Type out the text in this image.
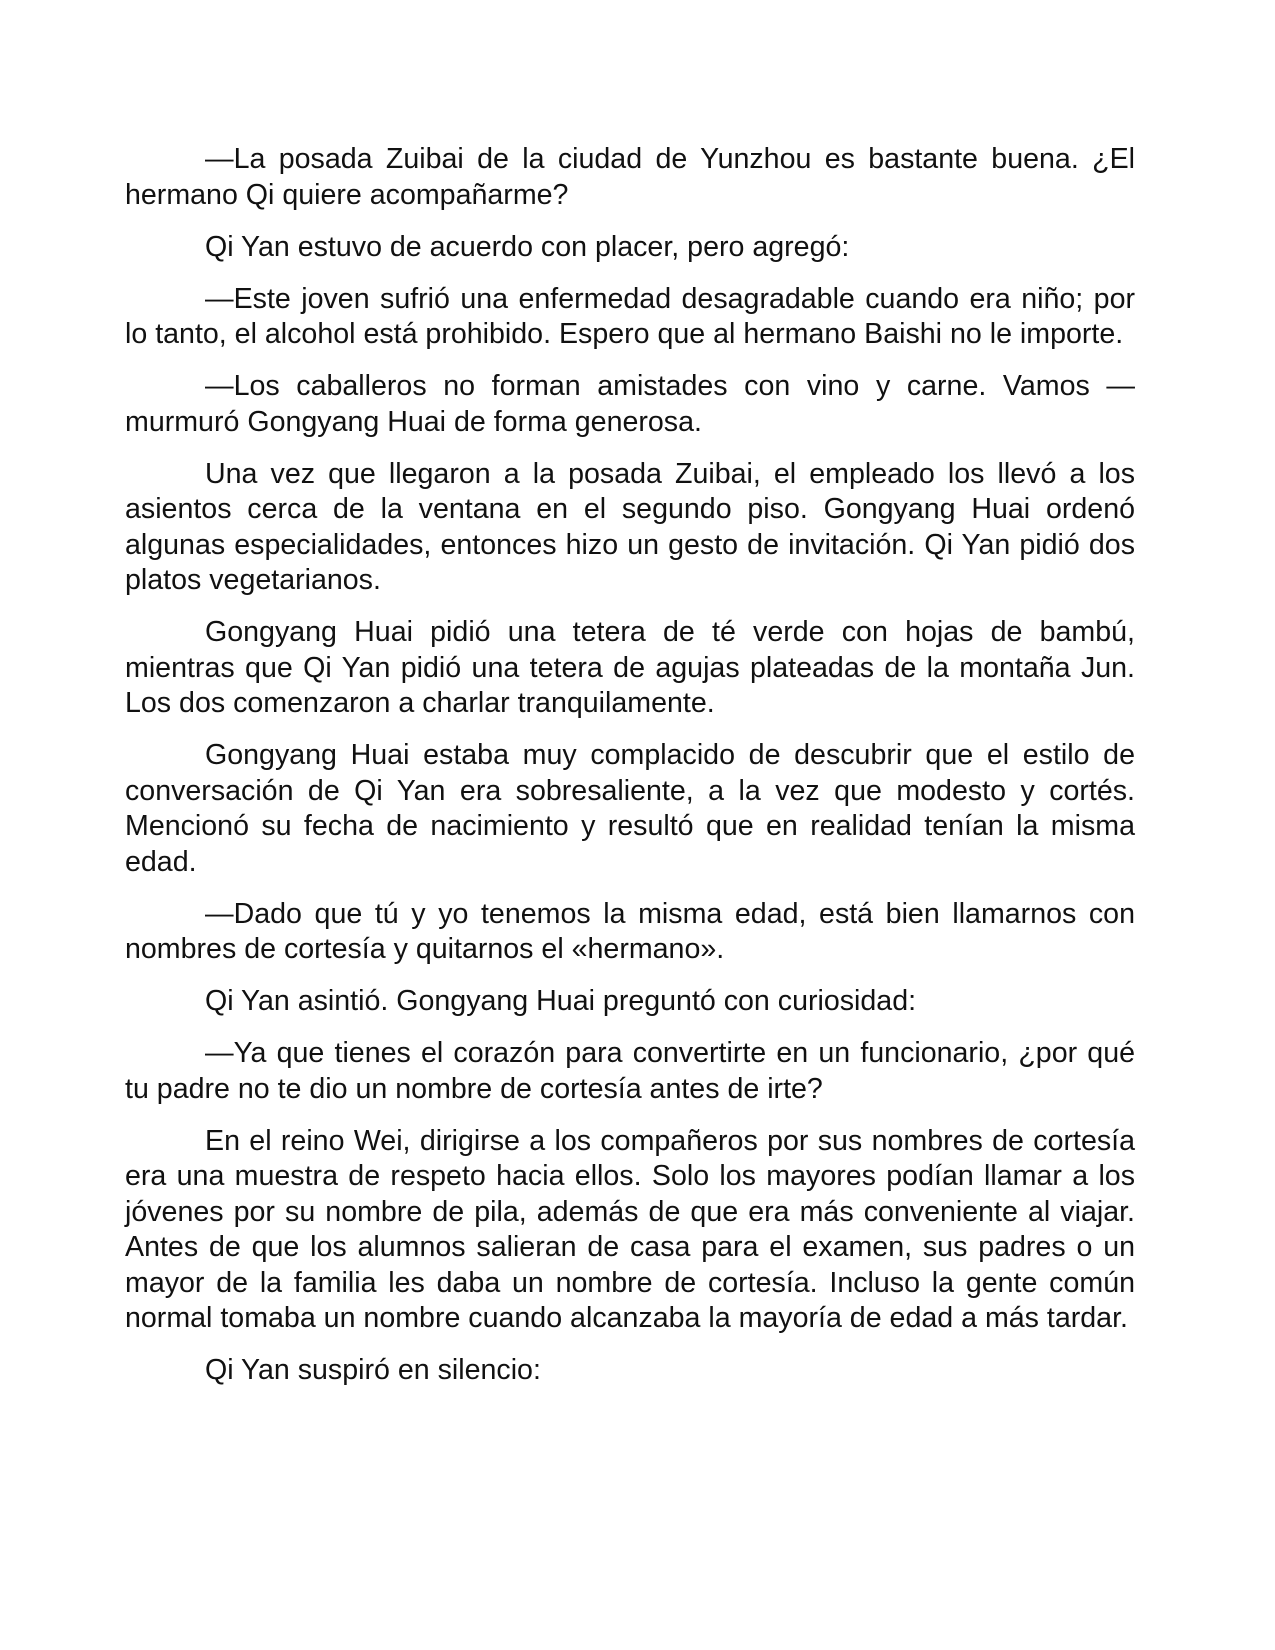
—La posada Zuibai de la ciudad de Yunzhou es bastante buena. ¿El hermano Qi quiere acompañarme?

Qi Yan estuvo de acuerdo con placer, pero agregó:

—Este joven sufrió una enfermedad desagradable cuando era niño; por lo tanto, el alcohol está prohibido. Espero que al hermano Baishi no le importe.

—Los caballeros no forman amistades con vino y carne. Vamos —murmuró Gongyang Huai de forma generosa.

Una vez que llegaron a la posada Zuibai, el empleado los llevó a los asientos cerca de la ventana en el segundo piso. Gongyang Huai ordenó algunas especialidades, entonces hizo un gesto de invitación. Qi Yan pidió dos platos vegetarianos.

Gongyang Huai pidió una tetera de té verde con hojas de bambú, mientras que Qi Yan pidió una tetera de agujas plateadas de la montaña Jun. Los dos comenzaron a charlar tranquilamente.

Gongyang Huai estaba muy complacido de descubrir que el estilo de conversación de Qi Yan era sobresaliente, a la vez que modesto y cortés. Mencionó su fecha de nacimiento y resultó que en realidad tenían la misma edad.

—Dado que tú y yo tenemos la misma edad, está bien llamarnos con nombres de cortesía y quitarnos el «hermano».

Qi Yan asintió. Gongyang Huai preguntó con curiosidad:

—Ya que tienes el corazón para convertirte en un funcionario, ¿por qué tu padre no te dio un nombre de cortesía antes de irte?

En el reino Wei, dirigirse a los compañeros por sus nombres de cortesía era una muestra de respeto hacia ellos. Solo los mayores podían llamar a los jóvenes por su nombre de pila, además de que era más conveniente al viajar. Antes de que los alumnos salieran de casa para el examen, sus padres o un mayor de la familia les daba un nombre de cortesía. Incluso la gente común normal tomaba un nombre cuando alcanzaba la mayoría de edad a más tardar.

Qi Yan suspiró en silencio:
